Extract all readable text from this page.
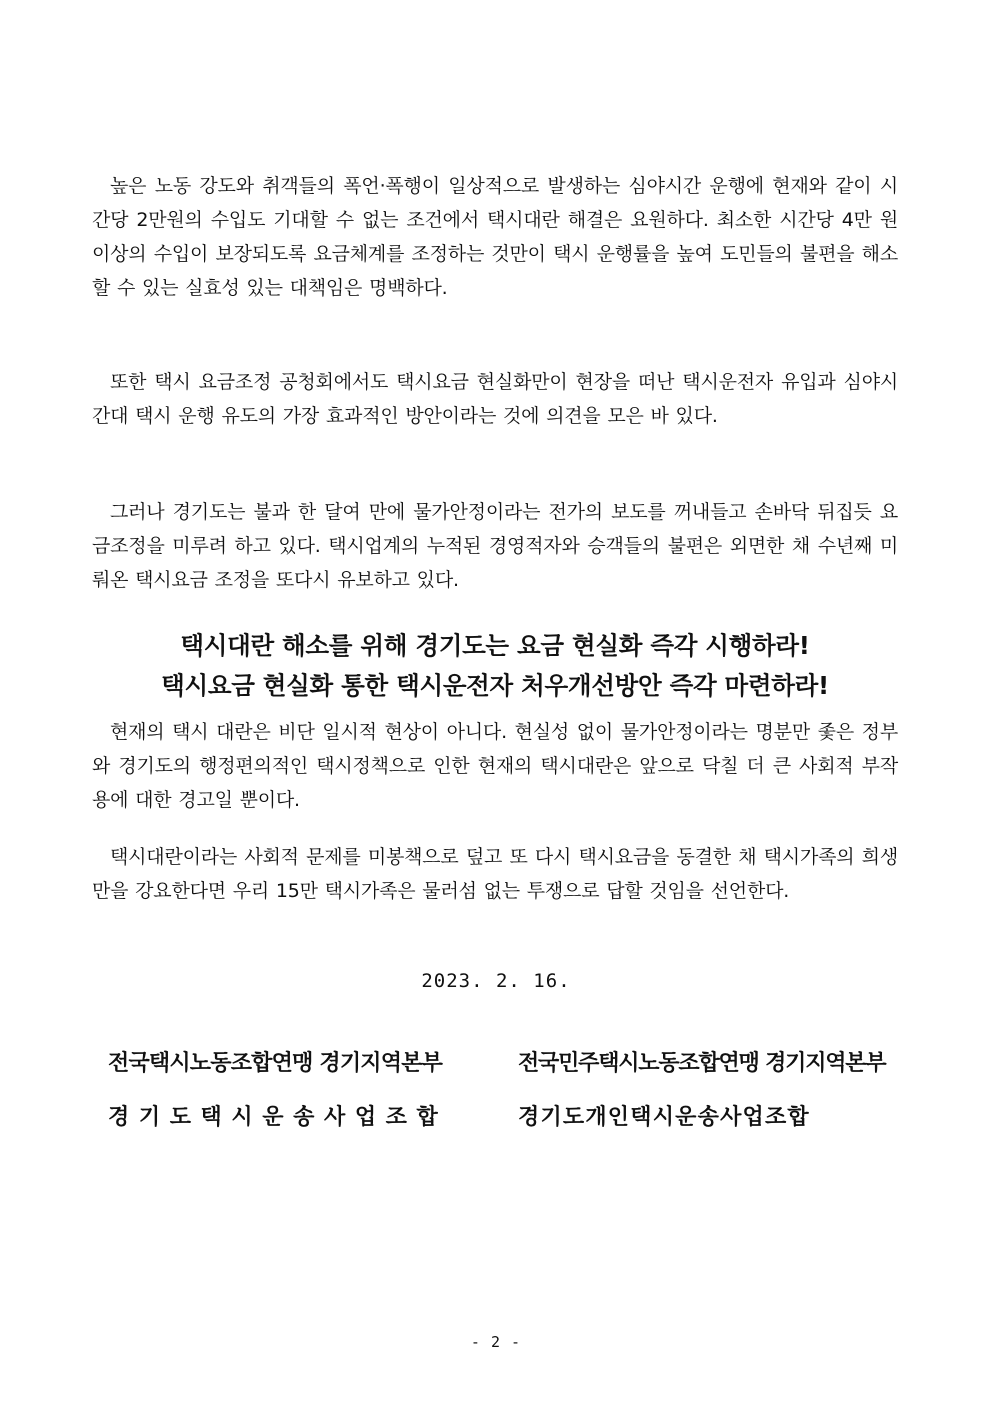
높은 노동 강도와 취객들의 폭언·폭행이 일상적으로 발생하는 심야시간 운행에 현재와 같이 시간당 2만원의 수입도 기대할 수 없는 조건에서 택시대란 해결은 요원하다. 최소한 시간당 4만 원 이상의 수입이 보장되도록 요금체계를 조정하는 것만이 택시 운행률을 높여 도민들의 불편을 해소할 수 있는 실효성 있는 대책임은 명백하다.

또한 택시 요금조정 공청회에서도 택시요금 현실화만이 현장을 떠난 택시운전자 유입과 심야시간대 택시 운행 유도의 가장 효과적인 방안이라는 것에 의견을 모은 바 있다.

그러나 경기도는 불과 한 달여 만에 물가안정이라는 전가의 보도를 꺼내들고 손바닥 뒤집듯 요금조정을 미루려 하고 있다. 택시업계의 누적된 경영적자와 승객들의 불편은 외면한 채 수년째 미뤄온 택시요금 조정을 또다시 유보하고 있다.

택시대란 해소를 위해 경기도는 요금 현실화 즉각 시행하라!

택시요금 현실화 통한 택시운전자 처우개선방안 즉각 마련하라!

현재의 택시 대란은 비단 일시적 현상이 아니다. 현실성 없이 물가안정이라는 명분만 좇은 정부와 경기도의 행정편의적인 택시정책으로 인한 현재의 택시대란은 앞으로 닥칠 더 큰 사회적 부작용에 대한 경고일 뿐이다.

택시대란이라는 사회적 문제를 미봉책으로 덮고 또 다시 택시요금을 동결한 채 택시가족의 희생만을 강요한다면 우리 15만 택시가족은 물러섬 없는 투쟁으로 답할 것임을 선언한다.

2023. 2. 16.

전국택시노동조합연맹 경기지역본부	전국민주택시노동조합연맹 경기지역본부

경기도택시운송사업조합	경기도개인택시운송사업조합

- 2 -
